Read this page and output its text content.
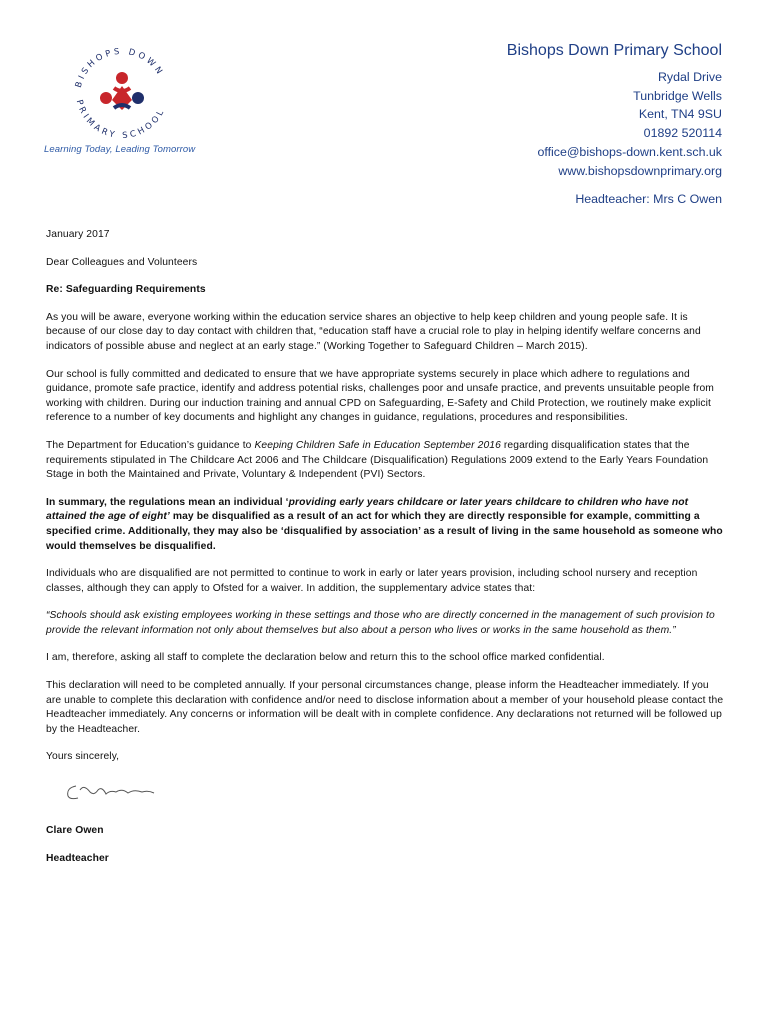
BISHOPS DOWN
PRIMARY SCHOOL
Learning Today, Leading Tomorrow
Bishops Down Primary School
Rydal Drive
Tunbridge Wells
Kent, TN4 9SU
01892 520114
office@bishops-down.kent.sch.uk
www.bishopsdownprimary.org
Headteacher: Mrs C Owen

January 2017

Dear Colleagues and Volunteers

Re: Safeguarding Requirements

As you will be aware, everyone working within the education service shares an objective to help keep children and young people safe. It is because of our close day to day contact with children that, “education staff have a crucial role to play in helping identify welfare concerns and indicators of possible abuse and neglect at an early stage.” (Working Together to Safeguard Children – March 2015).

Our school is fully committed and dedicated to ensure that we have appropriate systems securely in place which adhere to regulations and guidance, promote safe practice, identify and address potential risks, challenges poor and unsafe practice, and prevents unsuitable people from working with children. During our induction training and annual CPD on Safeguarding, E-Safety and Child Protection, we routinely make explicit reference to a number of key documents and highlight any changes in guidance, regulations, procedures and responsibilities.

The Department for Education’s guidance to Keeping Children Safe in Education September 2016 regarding disqualification states that the requirements stipulated in The Childcare Act 2006 and The Childcare (Disqualification) Regulations 2009 extend to the Early Years Foundation Stage in both the Maintained and Private, Voluntary & Independent (PVI) Sectors.

In summary, the regulations mean an individual ‘providing early years childcare or later years childcare to children who have not attained the age of eight’ may be disqualified as a result of an act for which they are directly responsible for example, committing a specified crime. Additionally, they may also be ‘disqualified by association’ as a result of living in the same household as someone who would themselves be disqualified.

Individuals who are disqualified are not permitted to continue to work in early or later years provision, including school nursery and reception classes, although they can apply to Ofsted for a waiver. In addition, the supplementary advice states that:

“Schools should ask existing employees working in these settings and those who are directly concerned in the management of such provision to provide the relevant information not only about themselves but also about a person who lives or works in the same household as them.”

I am, therefore, asking all staff to complete the declaration below and return this to the school office marked confidential.

This declaration will need to be completed annually. If your personal circumstances change, please inform the Headteacher immediately. If you are unable to complete this declaration with confidence and/or need to disclose information about a member of your household please contact the Headteacher immediately. Any concerns or information will be dealt with in complete confidence. Any declarations not returned will be followed up by the Headteacher.

Yours sincerely,

Clare Owen

Headteacher
